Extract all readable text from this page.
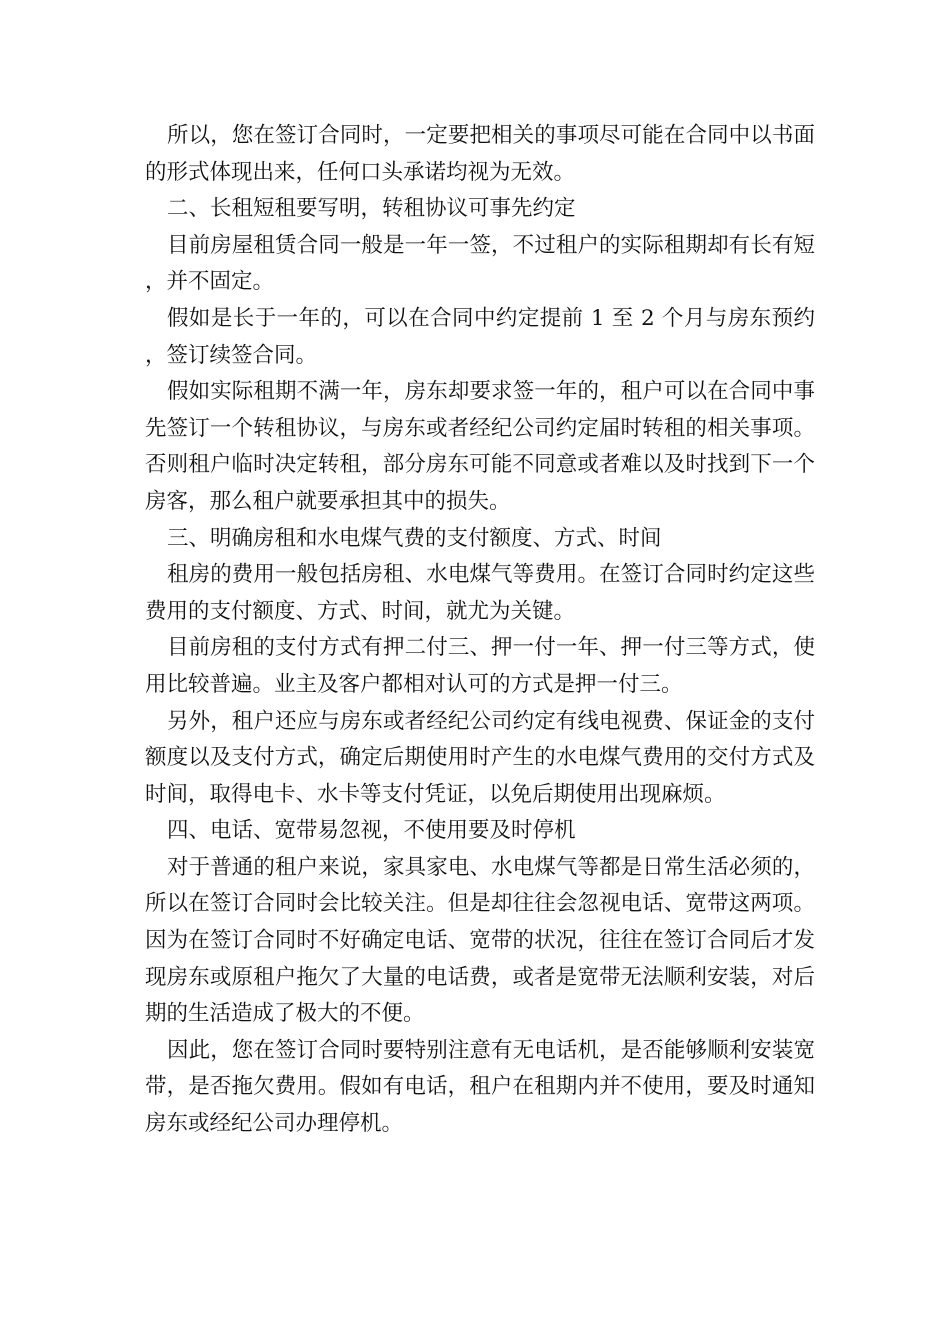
所以，您在签订合同时，一定要把相关的事项尽可能在合同中以书面的形式体现出来，任何口头承诺均视为无效。

二、长租短租要写明，转租协议可事先约定

目前房屋租赁合同一般是一年一签，不过租户的实际租期却有长有短，并不固定。

假如是长于一年的，可以在合同中约定提前 1 至 2 个月与房东预约，签订续签合同。

假如实际租期不满一年，房东却要求签一年的，租户可以在合同中事先签订一个转租协议，与房东或者经纪公司约定届时转租的相关事项。否则租户临时决定转租，部分房东可能不同意或者难以及时找到下一个房客，那么租户就要承担其中的损失。

三、明确房租和水电煤气费的支付额度、方式、时间

租房的费用一般包括房租、水电煤气等费用。在签订合同时约定这些费用的支付额度、方式、时间，就尤为关键。

目前房租的支付方式有押二付三、押一付一年、押一付三等方式，使用比较普遍。业主及客户都相对认可的方式是押一付三。

另外，租户还应与房东或者经纪公司约定有线电视费、保证金的支付额度以及支付方式，确定后期使用时产生的水电煤气费用的交付方式及时间，取得电卡、水卡等支付凭证，以免后期使用出现麻烦。

四、电话、宽带易忽视，不使用要及时停机

对于普通的租户来说，家具家电、水电煤气等都是日常生活必须的，所以在签订合同时会比较关注。但是却往往会忽视电话、宽带这两项。因为在签订合同时不好确定电话、宽带的状况，往往在签订合同后才发现房东或原租户拖欠了大量的电话费，或者是宽带无法顺利安装，对后期的生活造成了极大的不便。

因此，您在签订合同时要特别注意有无电话机，是否能够顺利安装宽带，是否拖欠费用。假如有电话，租户在租期内并不使用，要及时通知房东或经纪公司办理停机。
